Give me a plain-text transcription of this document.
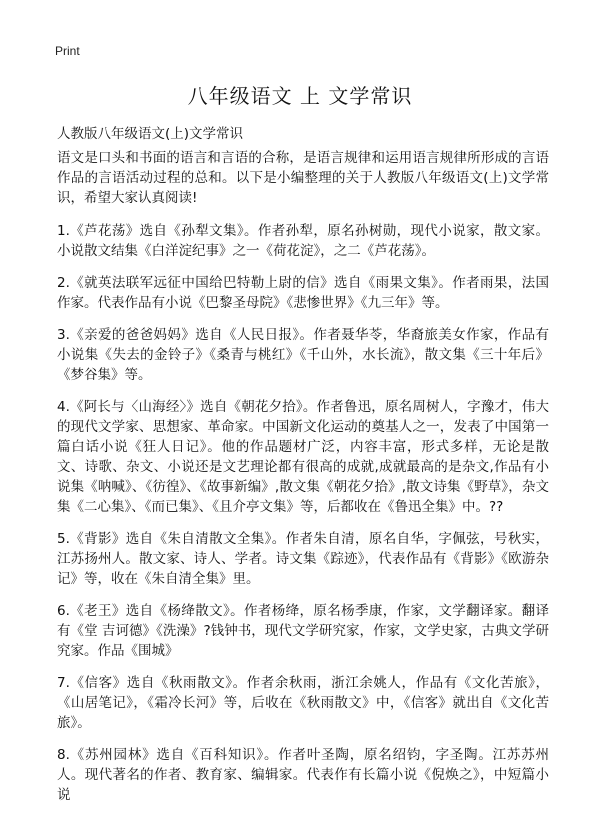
Print
八年级语文 上 文学常识
人教版八年级语文(上)文学常识

语文是口头和书面的语言和言语的合称，是语言规律和运用语言规律所形成的言语作品的言语活动过程的总和。以下是小编整理的关于人教版八年级语文(上)文学常识，希望大家认真阅读!

1.《芦花荡》选自《孙犁文集》。作者孙犁，原名孙树勋，现代小说家，散文家。小说散文结集《白洋淀纪事》之一《荷花淀》，之二《芦花荡》。

2.《就英法联军远征中国给巴特勒上尉的信》选自《雨果文集》。作者雨果，法国作家。代表作品有小说《巴黎圣母院》《悲惨世界》《九三年》等。

3.《亲爱的爸爸妈妈》选自《人民日报》。作者聂华苓，华裔旅美女作家，作品有小说集《失去的金铃子》《桑青与桃红》《千山外，水长流》，散文集《三十年后》《梦谷集》等。

4.《阿长与〈山海经〉》选自《朝花夕拾》。作者鲁迅，原名周树人，字豫才，伟大的现代文学家、思想家、革命家。中国新文化运动的奠基人之一，发表了中国第一篇白话小说《狂人日记》。他的作品题材广泛，内容丰富，形式多样，无论是散文、诗歌、杂文、小说还是文艺理论都有很高的成就,成就最高的是杂文,作品有小说集《呐喊》、《彷徨》、《故事新编》,散文集《朝花夕拾》,散文诗集《野草》，杂文集《二心集》、《而已集》、《且介亭文集》等，后都收在《鲁迅全集》中。??

5.《背影》选自《朱自清散文全集》。作者朱自清，原名自华，字佩弦，号秋实，江苏扬州人。散文家、诗人、学者。诗文集《踪迹》，代表作品有《背影》《欧游杂记》等，收在《朱自清全集》里。

6.《老王》选自《杨绛散文》。作者杨绛，原名杨季康，作家，文学翻译家。翻译有《堂 吉诃德》《洗澡》?钱钟书，现代文学研究家，作家，文学史家，古典文学研究家。作品《围城》

7.《信客》选自《秋雨散文》。作者余秋雨，浙江余姚人，作品有《文化苦旅》，《山居笔记》，《霜冷长河》等，后收在《秋雨散文》中，《信客》就出自《文化苦旅》。

8.《苏州园林》选自《百科知识》。作者叶圣陶，原名绍钧，字圣陶。江苏苏州人。现代著名的作者、教育家、编辑家。代表作有长篇小说《倪焕之》，中短篇小说
